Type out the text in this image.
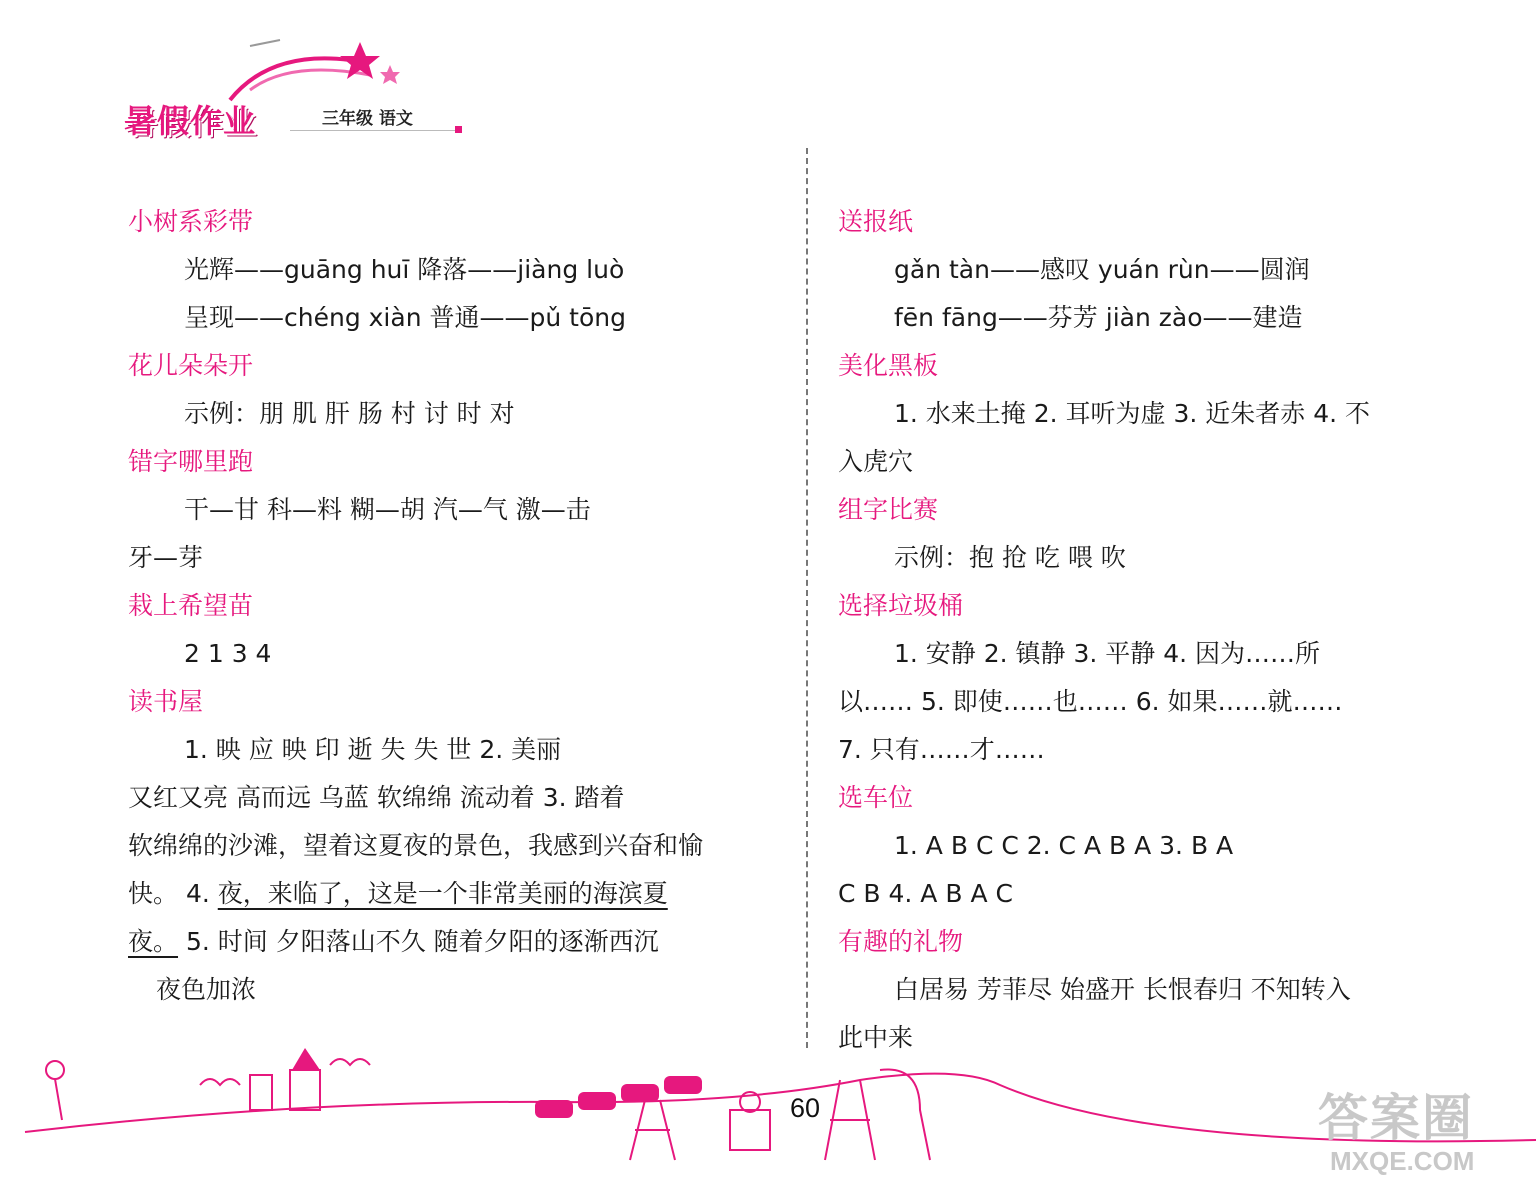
暑假作业	三年级 语文
小树系彩带
光辉——guāng huī 降落——jiàng luò
呈现——chéng xiàn 普通——pǔ tōng
花儿朵朵开
示例：朋 肌 肝 肠 村 讨 时 对
错字哪里跑
干—甘 科—料 糊—胡 汽—气 激—击
牙—芽
栽上希望苗
2 1 3 4
读书屋
1. 映 应 映 印 逝 失 失 世 2. 美丽
又红又亮 高而远 乌蓝 软绵绵 流动着 3. 踏着
软绵绵的沙滩，望着这夏夜的景色，我感到兴奋和愉
快。 4. 夜，来临了，这是一个非常美丽的海滨夏
夜。 5. 时间 夕阳落山不久 随着夕阳的逐渐西沉
夜色加浓
送报纸
gǎn tàn——感叹 yuán rùn——圆润
fēn fāng——芬芳 jiàn zào——建造
美化黑板
1. 水来土掩 2. 耳听为虚 3. 近朱者赤 4. 不
入虎穴
组字比赛
示例：抱 抢 吃 喂 吹
选择垃圾桶
1. 安静 2. 镇静 3. 平静 4. 因为……所
以…… 5. 即使……也…… 6. 如果……就……
7. 只有……才……
选车位
1. A B C C 2. C A B A 3. B A
C B 4. A B A C
有趣的礼物
白居易 芳菲尽 始盛开 长恨春归 不知转入
此中来
60	答案圈
MXQE.COM
